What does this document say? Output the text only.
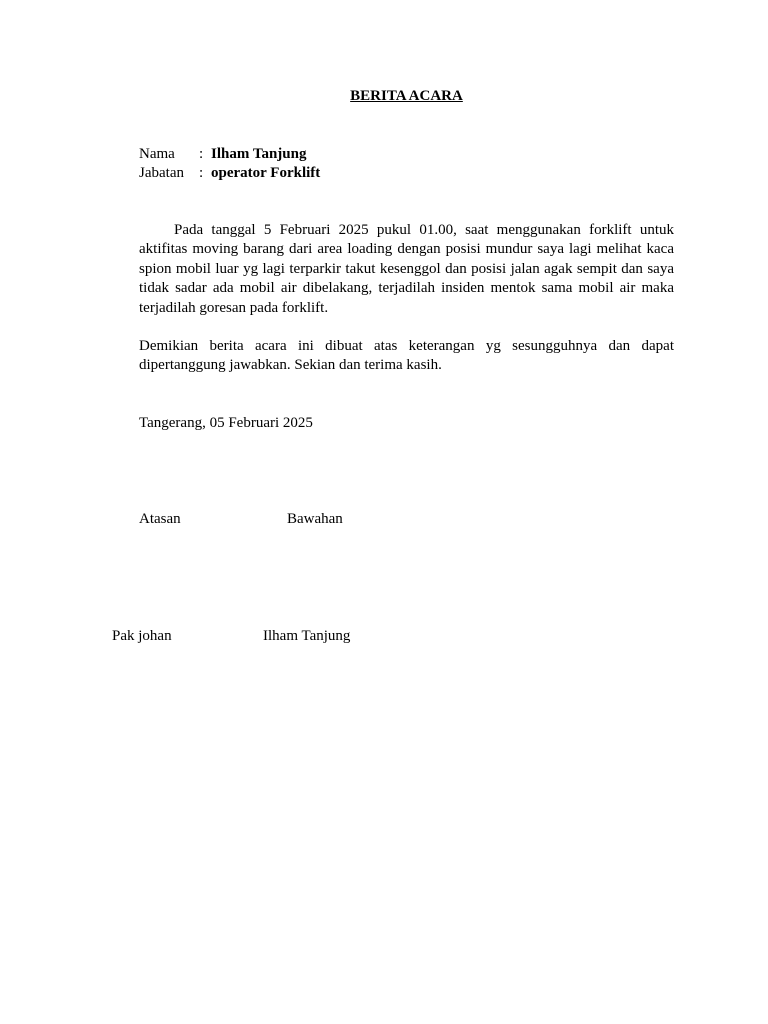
BERITA ACARA
Nama : Ilham Tanjung
Jabatan : operator Forklift

Pada tanggal 5 Februari 2025 pukul 01.00, saat menggunakan forklift untuk aktifitas moving barang dari area loading dengan posisi mundur saya lagi melihat kaca spion mobil luar yg lagi terparkir takut kesenggol dan posisi jalan agak sempit dan saya tidak sadar ada mobil air dibelakang, terjadilah insiden mentok sama mobil air maka terjadilah goresan pada forklift.

Demikian berita acara ini dibuat atas keterangan yg sesungguhnya dan dapat dipertanggung jawabkan. Sekian dan terima kasih.

Tangerang, 05 Februari 2025
Atasan	Bawahan
Pak johan	Ilham Tanjung
